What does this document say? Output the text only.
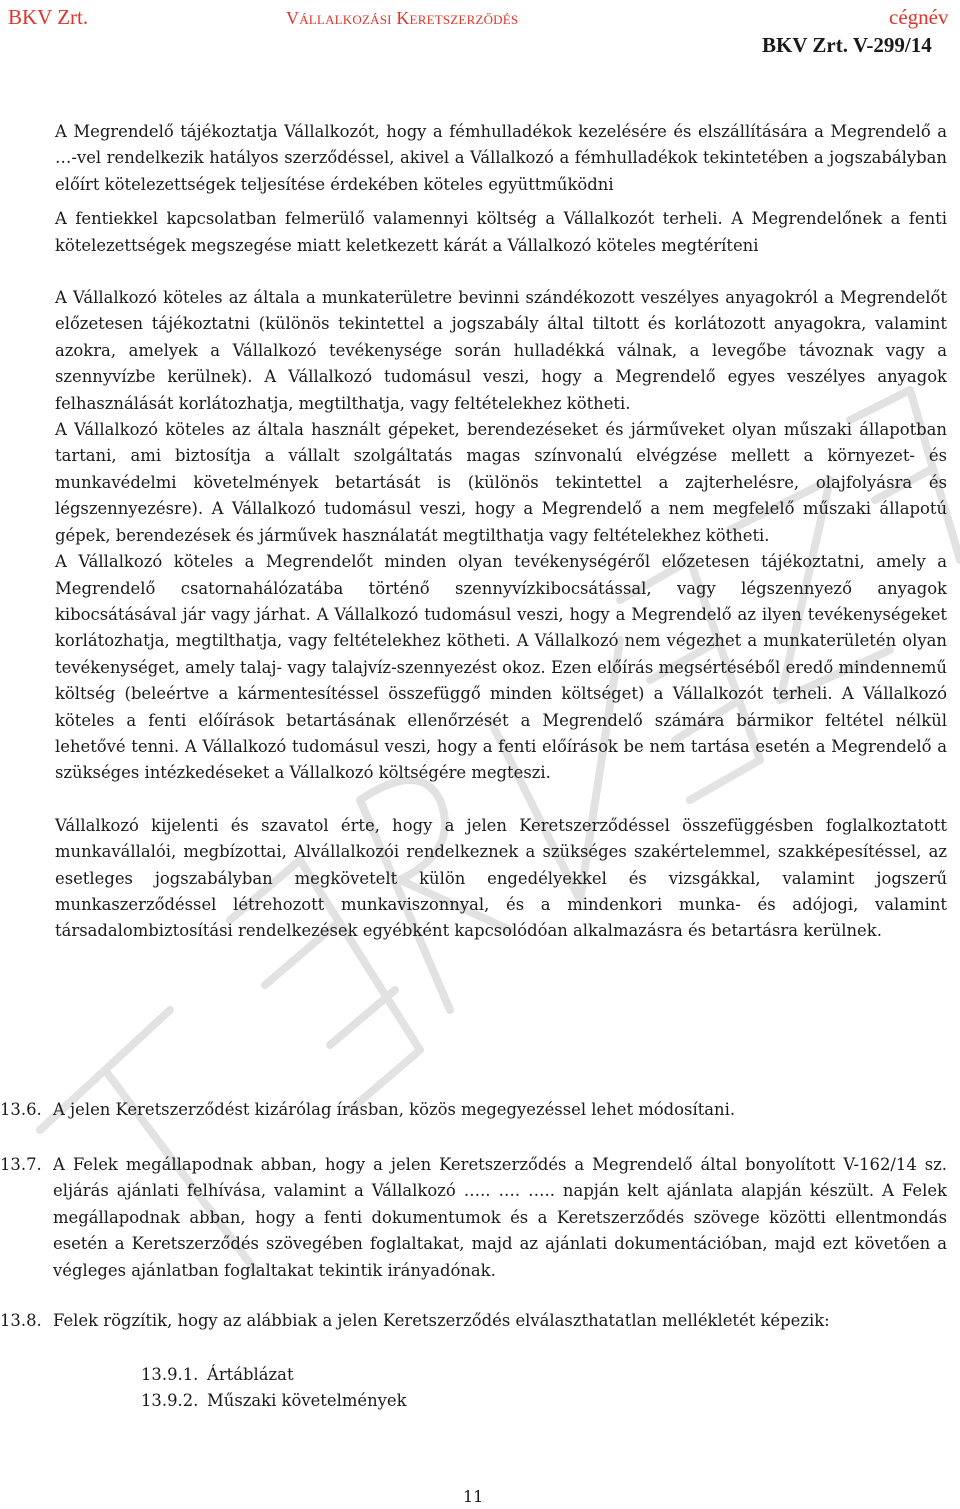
BKV Zrt.	Vállalkozási Keretszerződés	cégnév
BKV Zrt. V-299/14

A Megrendelő tájékoztatja Vállalkozót, hogy a fémhulladékok kezelésére és elszállítására a Megrendelő a …-vel rendelkezik hatályos szerződéssel, akivel a Vállalkozó a fémhulladékok tekintetében a jogszabályban előírt kötelezettségek teljesítése érdekében köteles együttműködni

A fentiekkel kapcsolatban felmerülő valamennyi költség a Vállalkozót terheli. A Megrendelőnek a fenti kötelezettségek megszegése miatt keletkezett kárát a Vállalkozó köteles megtéríteni

A Vállalkozó köteles az általa a munkaterületre bevinni szándékozott veszélyes anyagokról a Megrendelőt előzetesen tájékoztatni (különös tekintettel a jogszabály által tiltott és korlátozott anyagokra, valamint azokra, amelyek a Vállalkozó tevékenysége során hulladékká válnak, a levegőbe távoznak vagy a szennyvízbe kerülnek). A Vállalkozó tudomásul veszi, hogy a Megrendelő egyes veszélyes anyagok felhasználását korlátozhatja, megtilthatja, vagy feltételekhez kötheti.

A Vállalkozó köteles az általa használt gépeket, berendezéseket és járműveket olyan műszaki állapotban tartani, ami biztosítja a vállalt szolgáltatás magas színvonalú elvégzése mellett a környezet- és munkavédelmi követelmények betartását is (különös tekintettel a zajterhelésre, olajfolyásra és légszennyezésre). A Vállalkozó tudomásul veszi, hogy a Megrendelő a nem megfelelő műszaki állapotú gépek, berendezések és járművek használatát megtilthatja vagy feltételekhez kötheti.

A Vállalkozó köteles a Megrendelőt minden olyan tevékenységéről előzetesen tájékoztatni, amely a Megrendelő csatornahálózatába történő szennyvízkibocsátással, vagy légszennyező anyagok kibocsátásával jár vagy járhat. A Vállalkozó tudomásul veszi, hogy a Megrendelő az ilyen tevékenységeket korlátozhatja, megtilthatja, vagy feltételekhez kötheti. A Vállalkozó nem végezhet a munkaterületén olyan tevékenységet, amely talaj- vagy talajvíz-szennyezést okoz. Ezen előírás megsértéséből eredő mindennemű költség (beleértve a kármentesítéssel összefüggő minden költséget) a Vállalkozót terheli. A Vállalkozó köteles a fenti előírások betartásának ellenőrzését a Megrendelő számára bármikor feltétel nélkül lehetővé tenni. A Vállalkozó tudomásul veszi, hogy a fenti előírások be nem tartása esetén a Megrendelő a szükséges intézkedéseket a Vállalkozó költségére megteszi.

Vállalkozó kijelenti és szavatol érte, hogy a jelen Keretszerződéssel összefüggésben foglalkoztatott munkavállalói, megbízottai, Alvállalkozói rendelkeznek a szükséges szakértelemmel, szakképesítéssel, az esetleges jogszabályban megkövetelt külön engedélyekkel és vizsgákkal, valamint jogszerű munkaszerződéssel létrehozott munkaviszonnyal, és a mindenkori munka- és adójogi, valamint társadalombiztosítási rendelkezések egyébként kapcsolódóan alkalmazásra és betartásra kerülnek.

13.6. A jelen Keretszerződést kizárólag írásban, közös megegyezéssel lehet módosítani.
13.7. A Felek megállapodnak abban, hogy a jelen Keretszerződés a Megrendelő által bonyolított V-162/14 sz. eljárás ajánlati felhívása, valamint a Vállalkozó ….. …. ….. napján kelt ajánlata alapján készült. A Felek megállapodnak abban, hogy a fenti dokumentumok és a Keretszerződés szövege közötti ellentmondás esetén a Keretszerződés szövegében foglaltakat, majd az ajánlati dokumentációban, majd ezt követően a végleges ajánlatban foglaltakat tekintik irányadónak.
13.8. Felek rögzítik, hogy az alábbiak a jelen Keretszerződés elválaszthatatlan mellékletét képezik:
13.9.1. Ártáblázat
13.9.2. Műszaki követelmények
11
